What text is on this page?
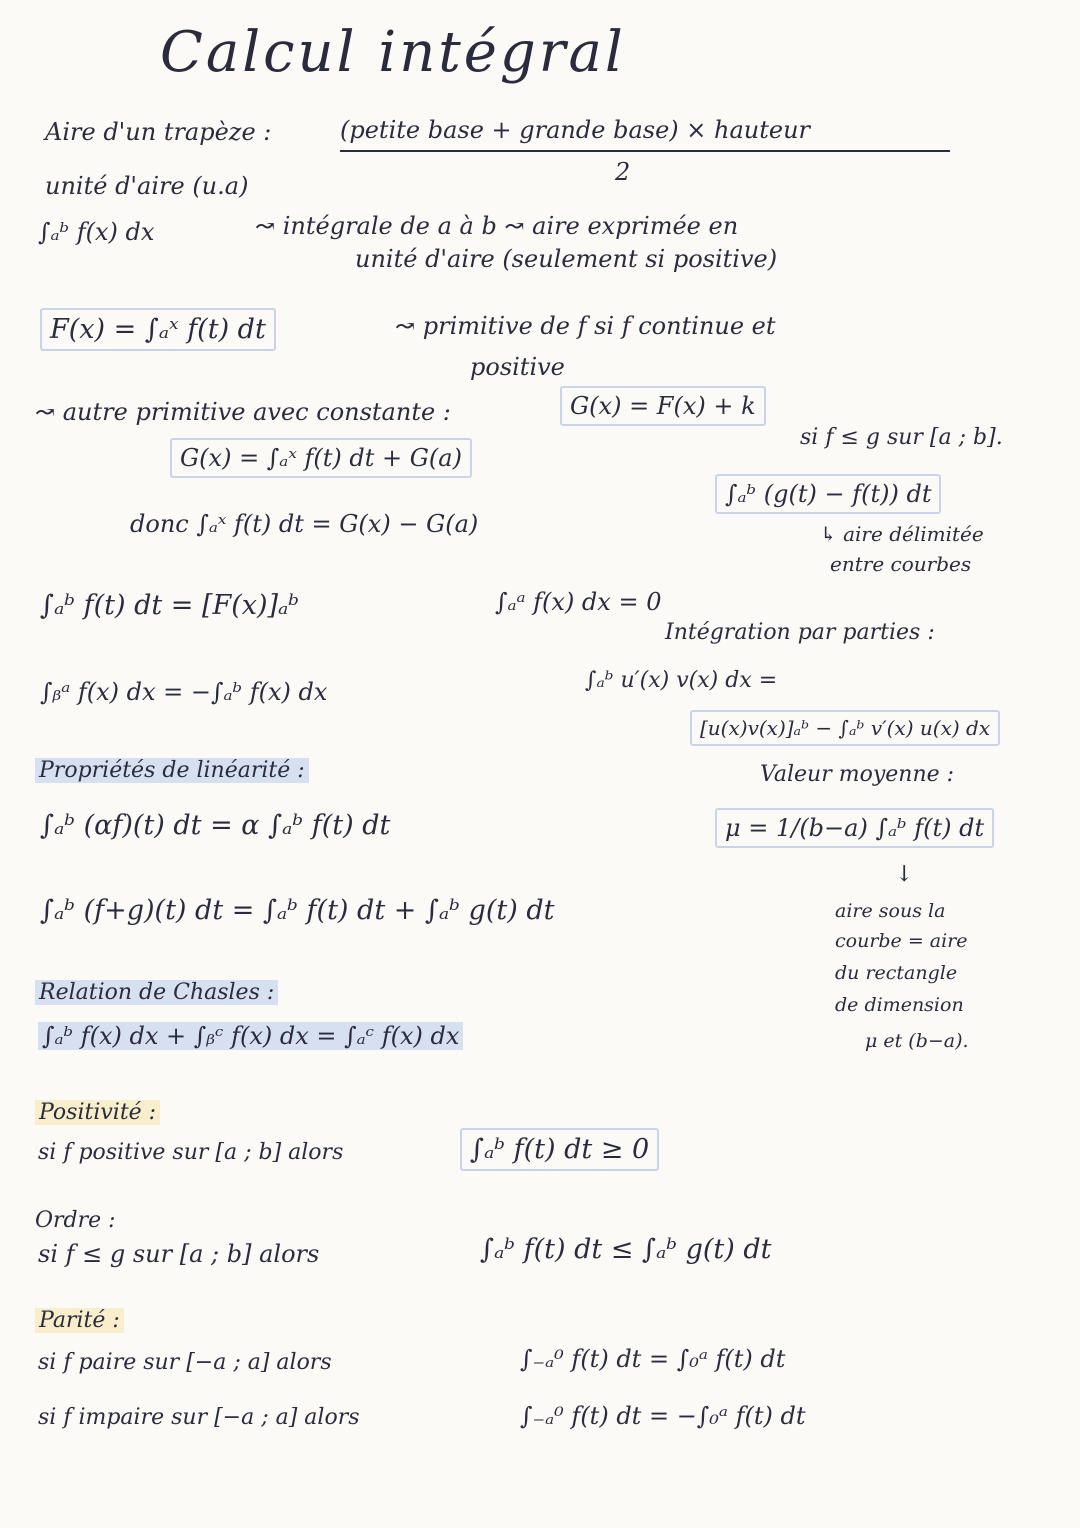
Calcul intégral
Aire d'un trapèze :	(petite base + grande base) × hauteur
2
unité d'aire (u.a)
∫ₐᵇ f(x) dx	↝ intégrale de a à b ↝ aire exprimée en
unité d'aire (seulement si positive)
F(x) = ∫ₐˣ f(t) dt	↝ primitive de f si f continue et
positive
↝ autre primitive avec constante :	G(x) = F(x) + k
G(x) = ∫ₐˣ f(t) dt + G(a)
donc ∫ₐˣ f(t) dt = G(x) − G(a)
si f ≤ g sur [a ; b].
∫ₐᵇ (g(t) − f(t)) dt
↳ aire délimitée
entre courbes
∫ₐᵇ f(t) dt = [F(x)]ₐᵇ	∫ₐᵃ f(x) dx = 0
Intégration par parties :
∫ᵦᵃ f(x) dx = −∫ₐᵇ f(x) dx	∫ₐᵇ u′(x) v(x) dx =
[u(x)v(x)]ₐᵇ − ∫ₐᵇ v′(x) u(x) dx
Propriétés de linéarité :	Valeur moyenne :
∫ₐᵇ (αf)(t) dt = α ∫ₐᵇ f(t) dt	μ = 1/(b−a) ∫ₐᵇ f(t) dt
↓
∫ₐᵇ (f+g)(t) dt = ∫ₐᵇ f(t) dt + ∫ₐᵇ g(t) dt	aire sous la
courbe = aire
du rectangle
de dimension
μ et (b−a).
Relation de Chasles :
∫ₐᵇ f(x) dx + ∫ᵦᶜ f(x) dx = ∫ₐᶜ f(x) dx
Positivité :
si f positive sur [a ; b] alors	∫ₐᵇ f(t) dt ≥ 0
Ordre :
si f ≤ g sur [a ; b] alors	∫ₐᵇ f(t) dt ≤ ∫ₐᵇ g(t) dt
Parité :
si f paire sur [−a ; a] alors	∫₋ₐ⁰ f(t) dt = ∫₀ᵃ f(t) dt
si f impaire sur [−a ; a] alors	∫₋ₐ⁰ f(t) dt = −∫₀ᵃ f(t) dt
